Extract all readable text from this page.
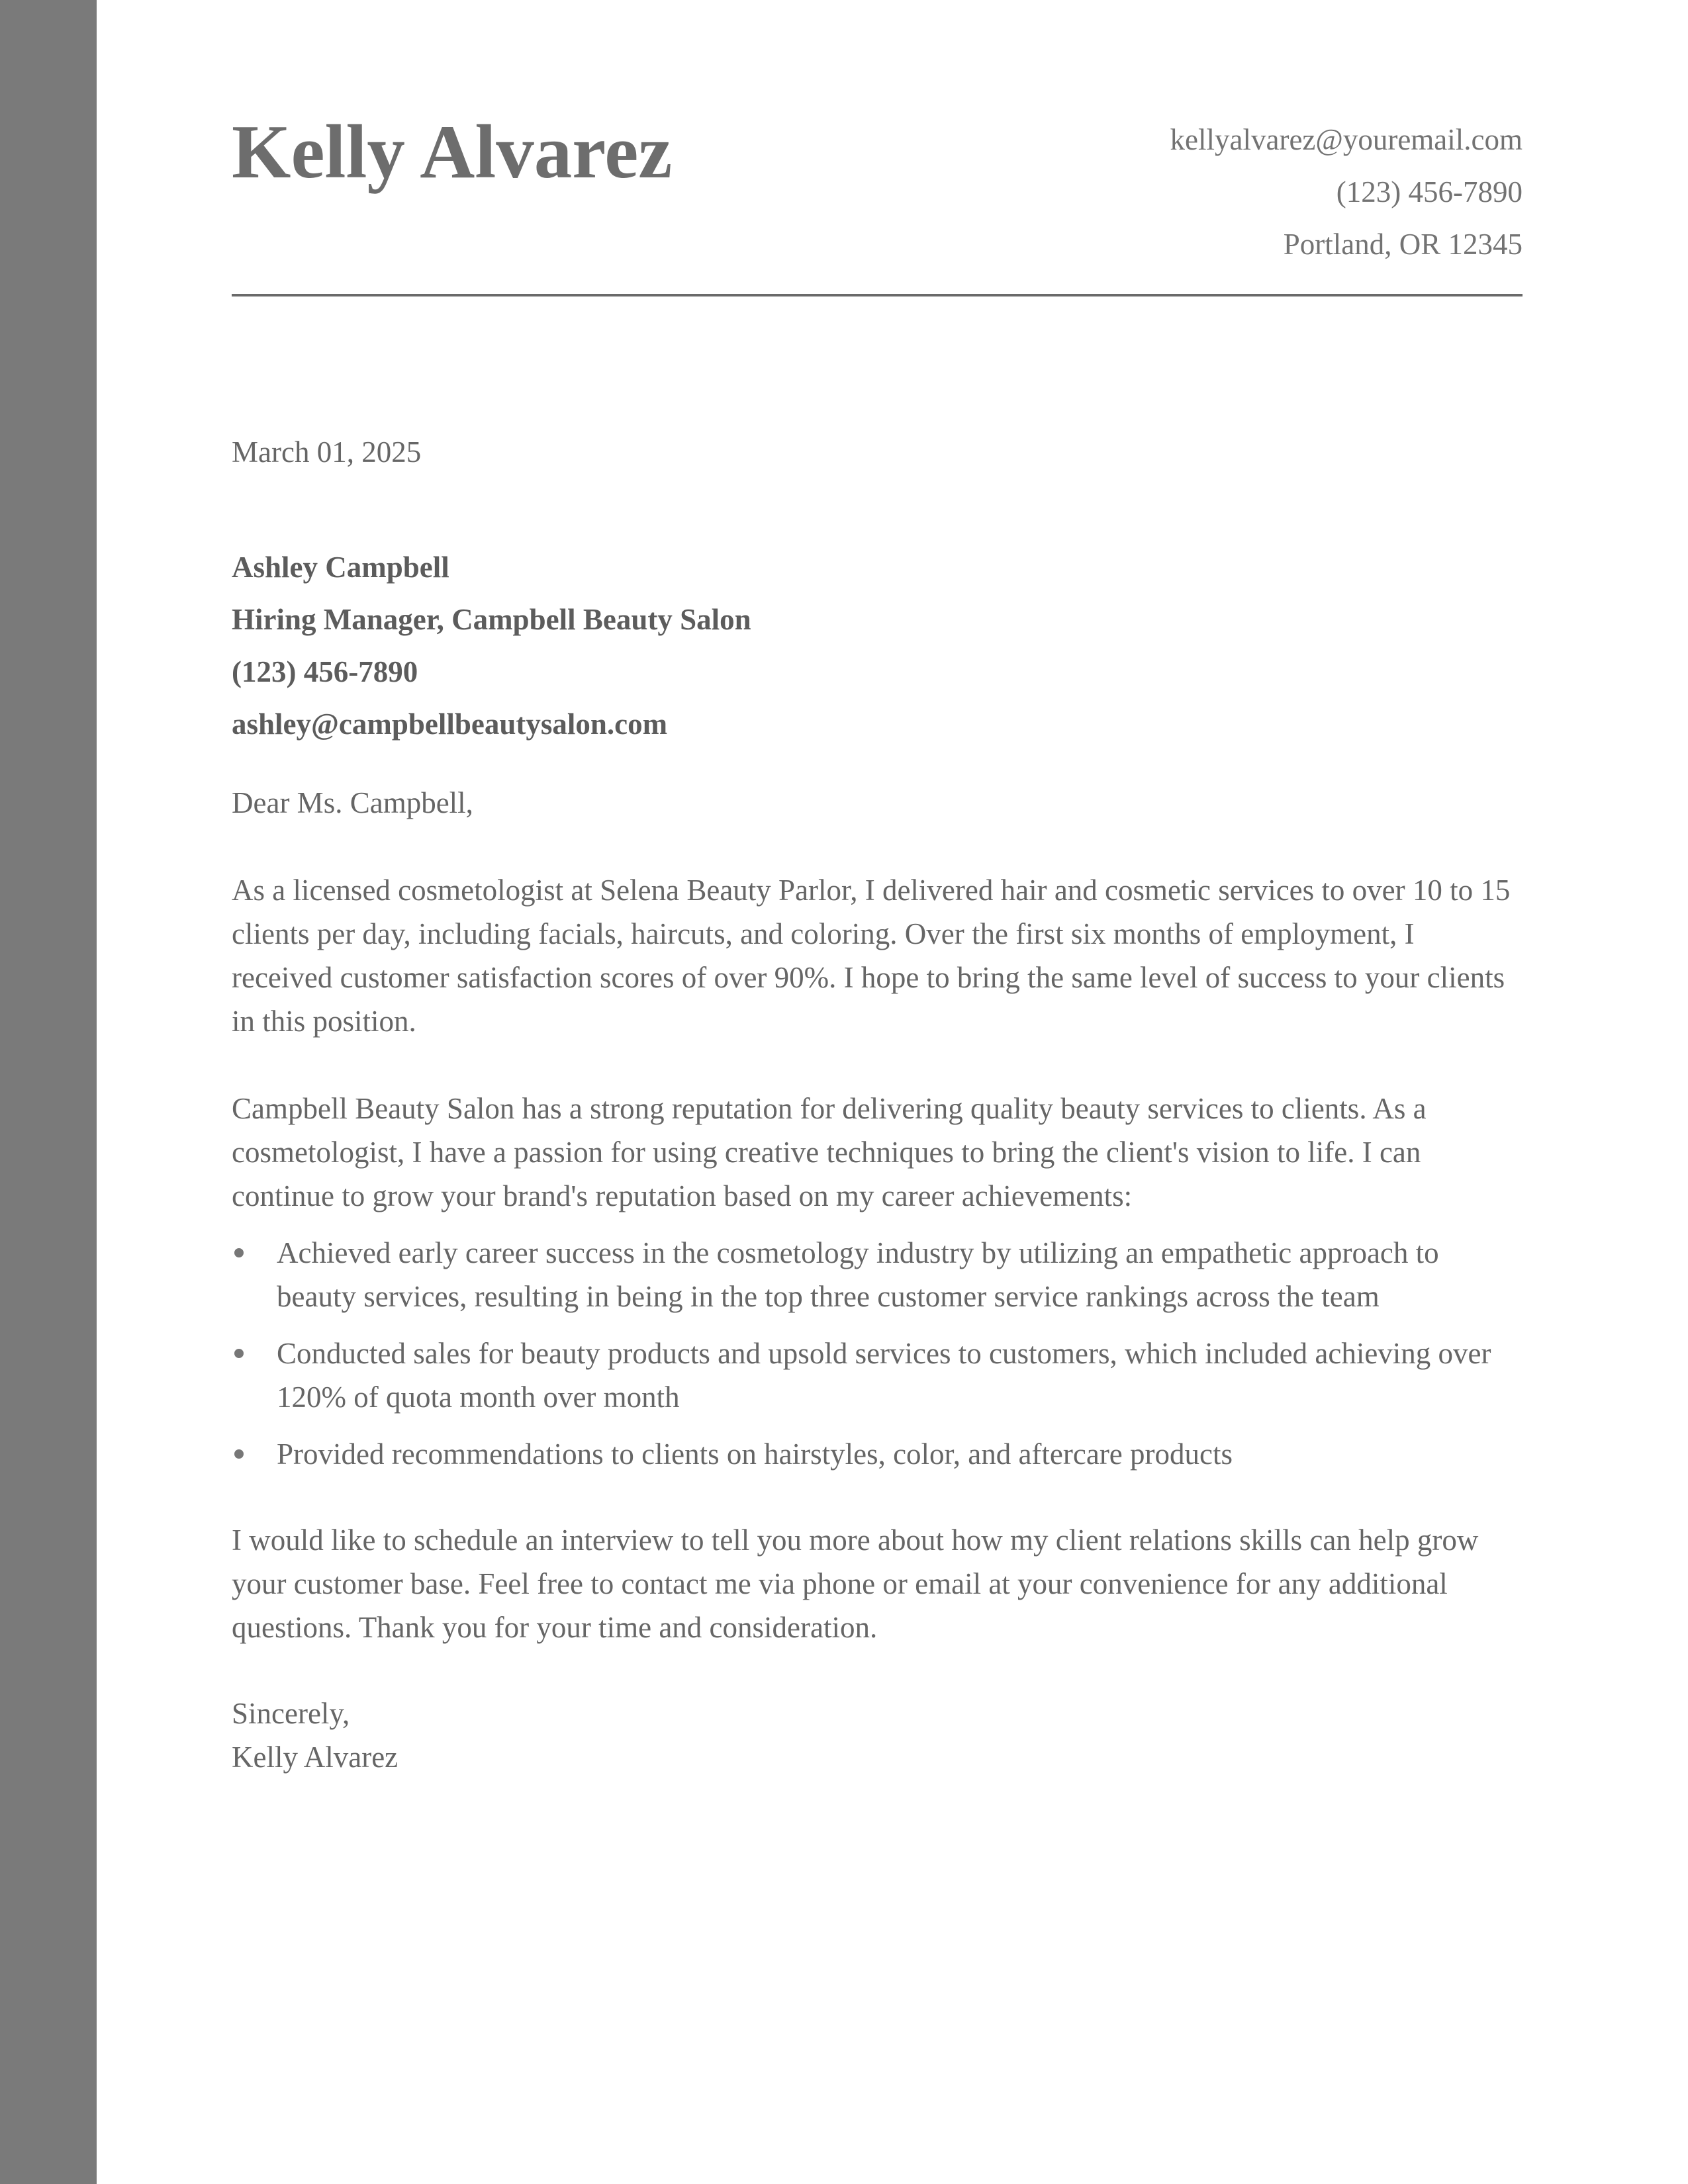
Kelly Alvarez	kellyalvarez@youremail.com
(123) 456-7890
Portland, OR 12345

March 01, 2025

Ashley Campbell
Hiring Manager, Campbell Beauty Salon
(123) 456-7890
ashley@campbellbeautysalon.com

Dear Ms. Campbell,

As a licensed cosmetologist at Selena Beauty Parlor, I delivered hair and cosmetic services to over 10 to 15 clients per day, including facials, haircuts, and coloring. Over the first six months of employment, I received customer satisfaction scores of over 90%. I hope to bring the same level of success to your clients in this position.

Campbell Beauty Salon has a strong reputation for delivering quality beauty services to clients. As a cosmetologist, I have a passion for using creative techniques to bring the client's vision to life. I can continue to grow your brand's reputation based on my career achievements:

Achieved early career success in the cosmetology industry by utilizing an empathetic approach to beauty services, resulting in being in the top three customer service rankings across the team
Conducted sales for beauty products and upsold services to customers, which included achieving over 120% of quota month over month
Provided recommendations to clients on hairstyles, color, and aftercare products

I would like to schedule an interview to tell you more about how my client relations skills can help grow your customer base. Feel free to contact me via phone or email at your convenience for any additional questions. Thank you for your time and consideration.

Sincerely,
Kelly Alvarez
